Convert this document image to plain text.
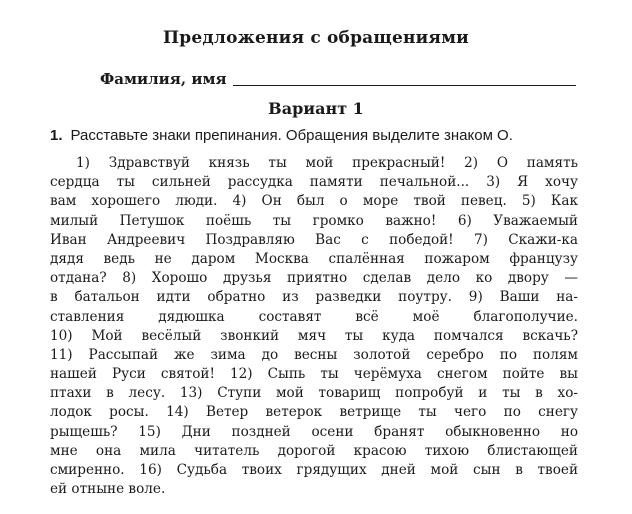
Предложения с обращениями
Фамилия, имя
Вариант 1
1. Расставьте знаки препинания. Обращения выделите знаком О.
1) Здравствуй князь ты мой прекрасный! 2) О память
сердца ты сильней рассудка памяти печальной... 3) Я хочу
вам хорошего люди. 4) Он был о море твой певец. 5) Как
милый Петушок поёшь ты громко важно! 6) Уважаемый
Иван Андреевич Поздравляю Вас с победой! 7) Скажи-ка
дядя ведь не даром Москва спалённая пожаром французу
отдана? 8) Хорошо друзья приятно сделав дело ко двору —
в батальон идти обратно из разведки поутру. 9) Ваши на-
ставления дядюшка составят всё моё благополучие.
10) Мой весёлый звонкий мяч ты куда помчался вскачь?
11) Рассыпай же зима до весны золотой серебро по полям
нашей Руси святой! 12) Сыпь ты черёмуха снегом пойте вы
птахи в лесу. 13) Ступи мой товарищ попробуй и ты в хо-
лодок росы. 14) Ветер ветерок ветрище ты чего по снегу
рыщешь? 15) Дни поздней осени бранят обыкновенно но
мне она мила читатель дорогой красою тихою блистающей
смиренно. 16) Судьба твоих грядущих дней мой сын в твоей
ей отныне воле.
